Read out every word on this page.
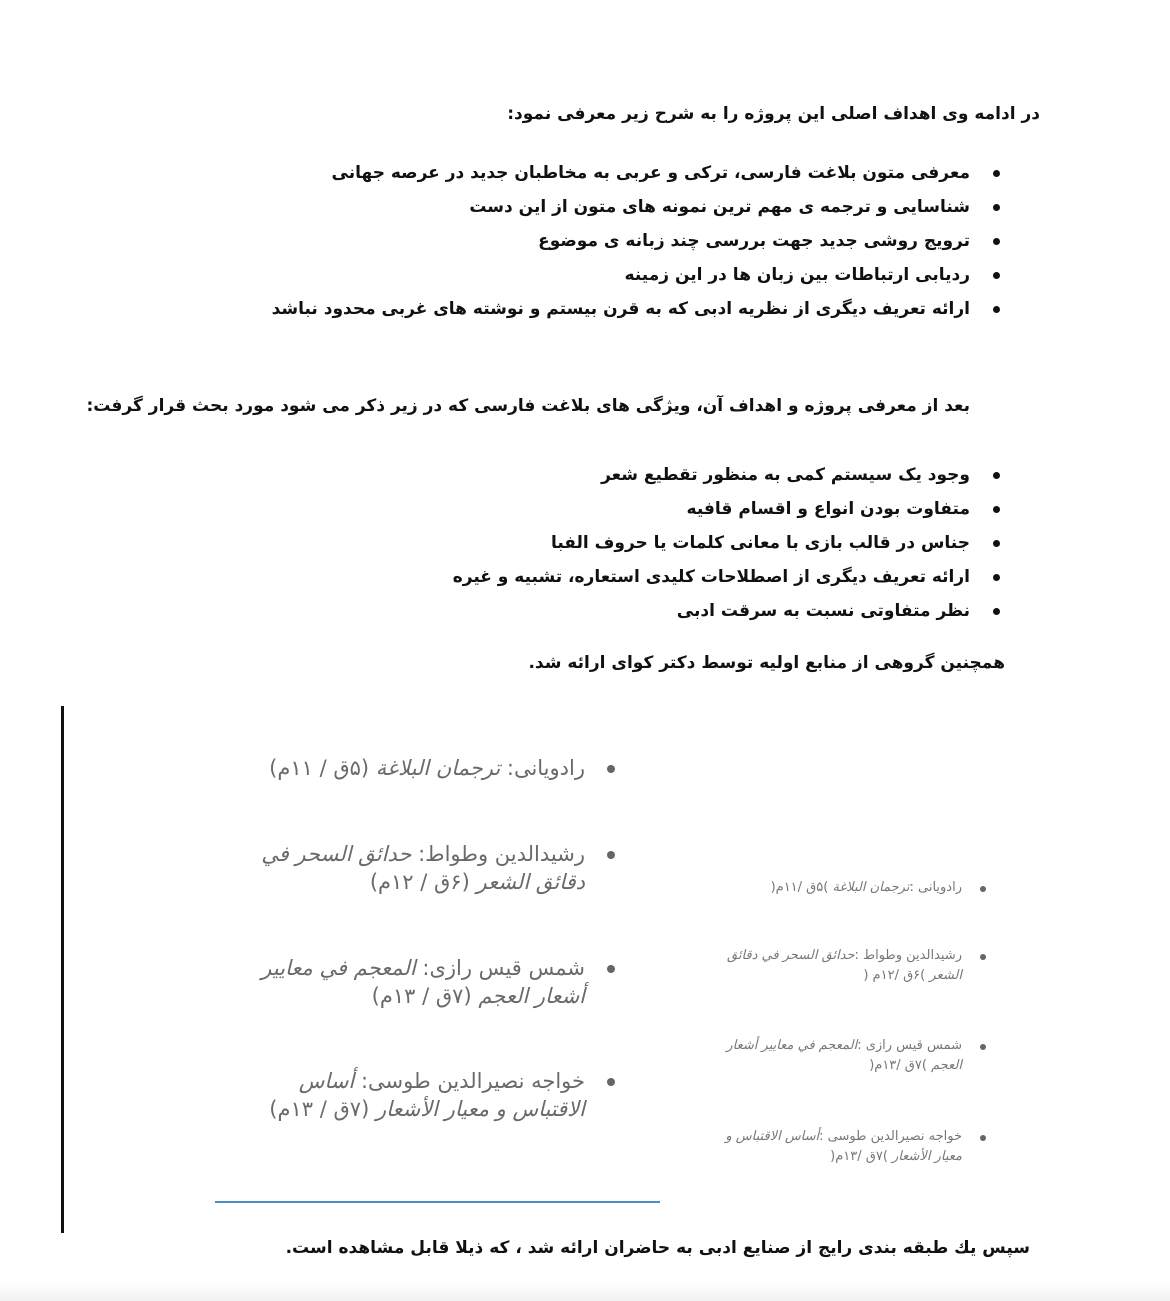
در ادامه وی اهداف اصلی این پروژه را به شرح زیر معرفی نمود:
معرفی متون بلاغت فارسی، ترکی و عربی به مخاطبان جدید در عرصه جهانی
شناسایی و ترجمه ی مهم ترین نمونه های متون از این دست
ترویج روشی جدید جهت بررسی چند زبانه ی موضوع
ردیابی ارتباطات بین زبان ها در این زمینه
ارائه تعریف دیگری از نظریه ادبی که به قرن بیستم و نوشته های غربی محدود نباشد
بعد از معرفی پروژه و اهداف آن، ویژگی های بلاغت فارسی که در زیر ذکر می شود مورد بحث قرار گرفت:
وجود یک سیستم کمی به منظور تقطیع شعر
متفاوت بودن انواع و اقسام قافیه
جناس در قالب بازی با معانی کلمات یا حروف الفبا
ارائه تعریف دیگری از اصطلاحات کلیدی استعاره، تشبیه و غیره
نظر متفاوتی نسبت به سرقت ادبی
همچنین گروهی از منابع اولیه توسط دکتر کوای ارائه شد.
رادویانی: ترجمان البلاغة (۵ق / ۱۱م)
رشیدالدین وطواط: حدائق السحر في دقائق الشعر (۶ق / ۱۲م)
شمس قیس رازی: المعجم في معاییر أشعار العجم (۷ق / ۱۳م)
خواجه نصیرالدین طوسی: أساس الاقتباس و معيار الأشعار (۷ق / ۱۳م)
رادویانی :ترجمان البلاغة )۵ق /۱۱م(
رشیدالدین وطواط :حدائق السحر في دقائق الشعر )۶ق /۱۲م (
شمس قیس رازی :المعجم في معاییر أشعار العجم )۷ق /۱۳م(
خواجه نصیرالدین طوسی :أساس الاقتباس و معيار الأشعار )۷ق /۱۳م(
سپس یك طبقه بندی رایج از صنایع ادبی به حاضران ارائه شد ، که ذیلا قابل مشاهده است.
